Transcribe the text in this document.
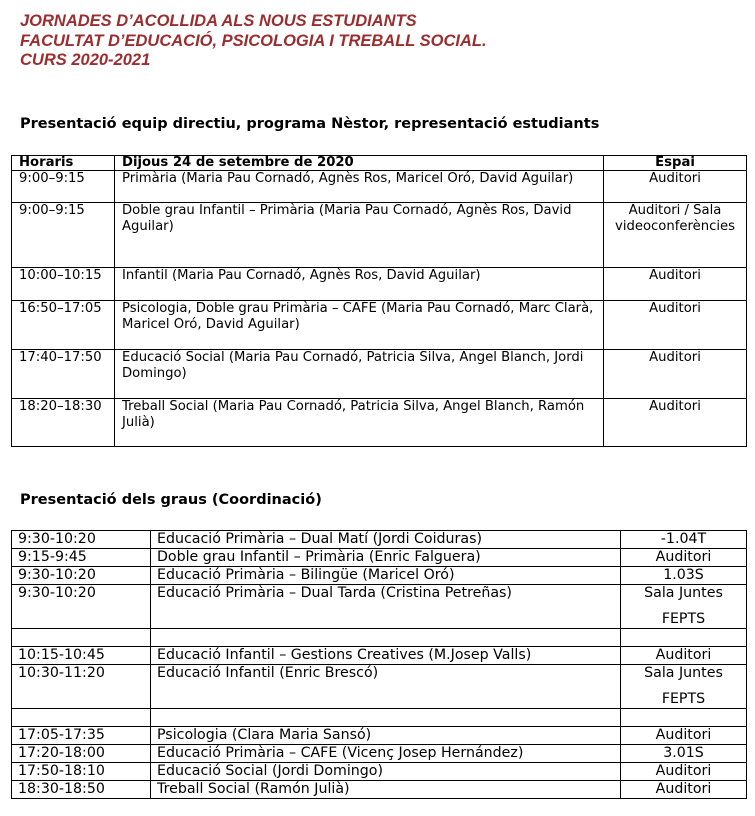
JORNADES D’ACOLLIDA ALS NOUS ESTUDIANTS
FACULTAT D’EDUCACIÓ, PSICOLOGIA I TREBALL SOCIAL.
CURS 2020-2021
Presentació equip directiu, programa Nèstor, representació estudiants
Horaris	Dijous 24 de setembre de 2020	Espai
9:00–9:15	Primària (Maria Pau Cornadó, Agnès Ros, Maricel Oró, David Aguilar)	Auditori
9:00–9:15	Doble grau Infantil – Primària (Maria Pau Cornadó, Agnès Ros, David Aguilar)	Auditori / Sala videoconferències
10:00–10:15	Infantil (Maria Pau Cornadó, Agnès Ros, David Aguilar)	Auditori
16:50–17:05	Psicologia, Doble grau Primària – CAFE (Maria Pau Cornadó, Marc Clarà, Maricel Oró, David Aguilar)	Auditori
17:40–17:50	Educació Social (Maria Pau Cornadó, Patricia Silva, Angel Blanch, Jordi Domingo)	Auditori
18:20–18:30	Treball Social (Maria Pau Cornadó, Patricia Silva, Angel Blanch, Ramón Julià)	Auditori
Presentació dels graus (Coordinació)
9:30-10:20	Educació Primària – Dual Matí (Jordi Coiduras)	-1.04T
9:15-9:45	Doble grau Infantil – Primària (Enric Falguera)	Auditori
9:30-10:20	Educació Primària – Bilingüe (Maricel Oró)	1.03S
9:30-10:20	Educació Primària – Dual Tarda (Cristina Petreñas)	Sala Juntes
FEPTS

10:15-10:45	Educació Infantil – Gestions Creatives (M.Josep Valls)	Auditori
10:30-11:20	Educació Infantil (Enric Brescó)	Sala Juntes
FEPTS

17:05-17:35	Psicologia (Clara Maria Sansó)	Auditori
17:20-18:00	Educació Primària – CAFE (Vicenç Josep Hernández)	3.01S
17:50-18:10	Educació Social (Jordi Domingo)	Auditori
18:30-18:50	Treball Social (Ramón Julià)	Auditori
